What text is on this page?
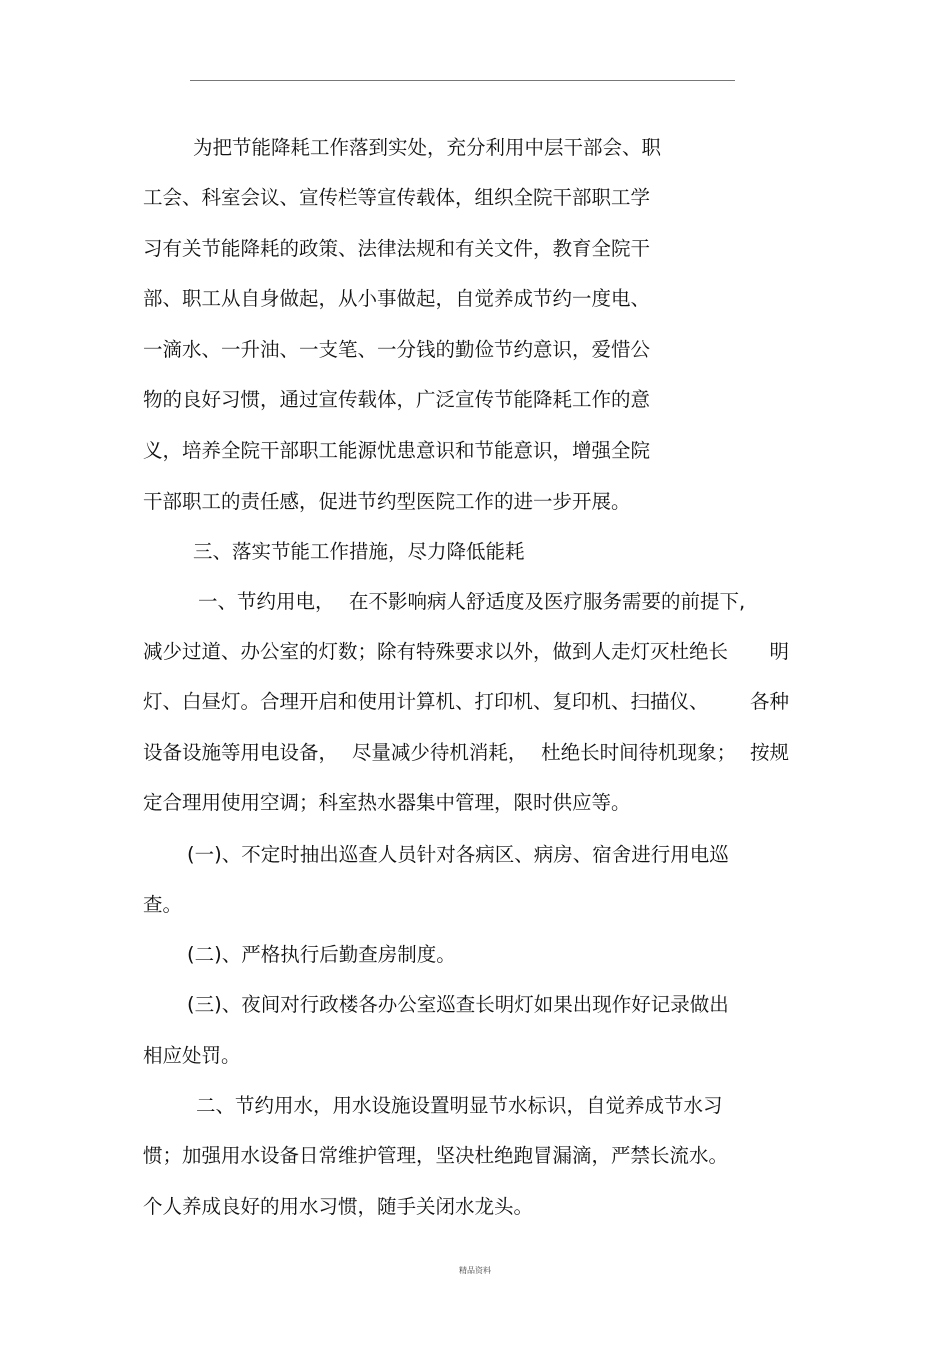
为把节能降耗工作落到实处，充分利用中层干部会、职
工会、科室会议、宣传栏等宣传载体，组织全院干部职工学
习有关节能降耗的政策、法律法规和有关文件，教育全院干
部、职工从自身做起，从小事做起，自觉养成节约一度电、
一滴水、一升油、一支笔、一分钱的勤俭节约意识，爱惜公
物的良好习惯，通过宣传载体，广泛宣传节能降耗工作的意
义，培养全院干部职工能源忧患意识和节能意识，增强全院
干部职工的责任感，促进节约型医院工作的进一步开展。
三、落实节能工作措施，尽力降低能耗
一、节约用电， 在不影响病人舒适度及医疗服务需要的前提下,
减少过道、办公室的灯数；除有特殊要求以外，做到人走灯灭杜绝长 明
灯、白昼灯。合理开启和使用计算机、打印机、复印机、扫描仪、 各种
设备设施等用电设备， 尽量减少待机消耗， 杜绝长时间待机现象； 按规
定合理用使用空调；科室热水器集中管理，限时供应等。
(一)、不定时抽出巡查人员针对各病区、病房、宿舍进行用电巡
查。
(二)、严格执行后勤查房制度。
(三)、夜间对行政楼各办公室巡查长明灯如果出现作好记录做出
相应处罚。
二、节约用水，用水设施设置明显节水标识，自觉养成节水习
惯；加强用水设备日常维护管理，坚决杜绝跑冒漏滴，严禁长流水。
个人养成良好的用水习惯，随手关闭水龙头。
精品资料
